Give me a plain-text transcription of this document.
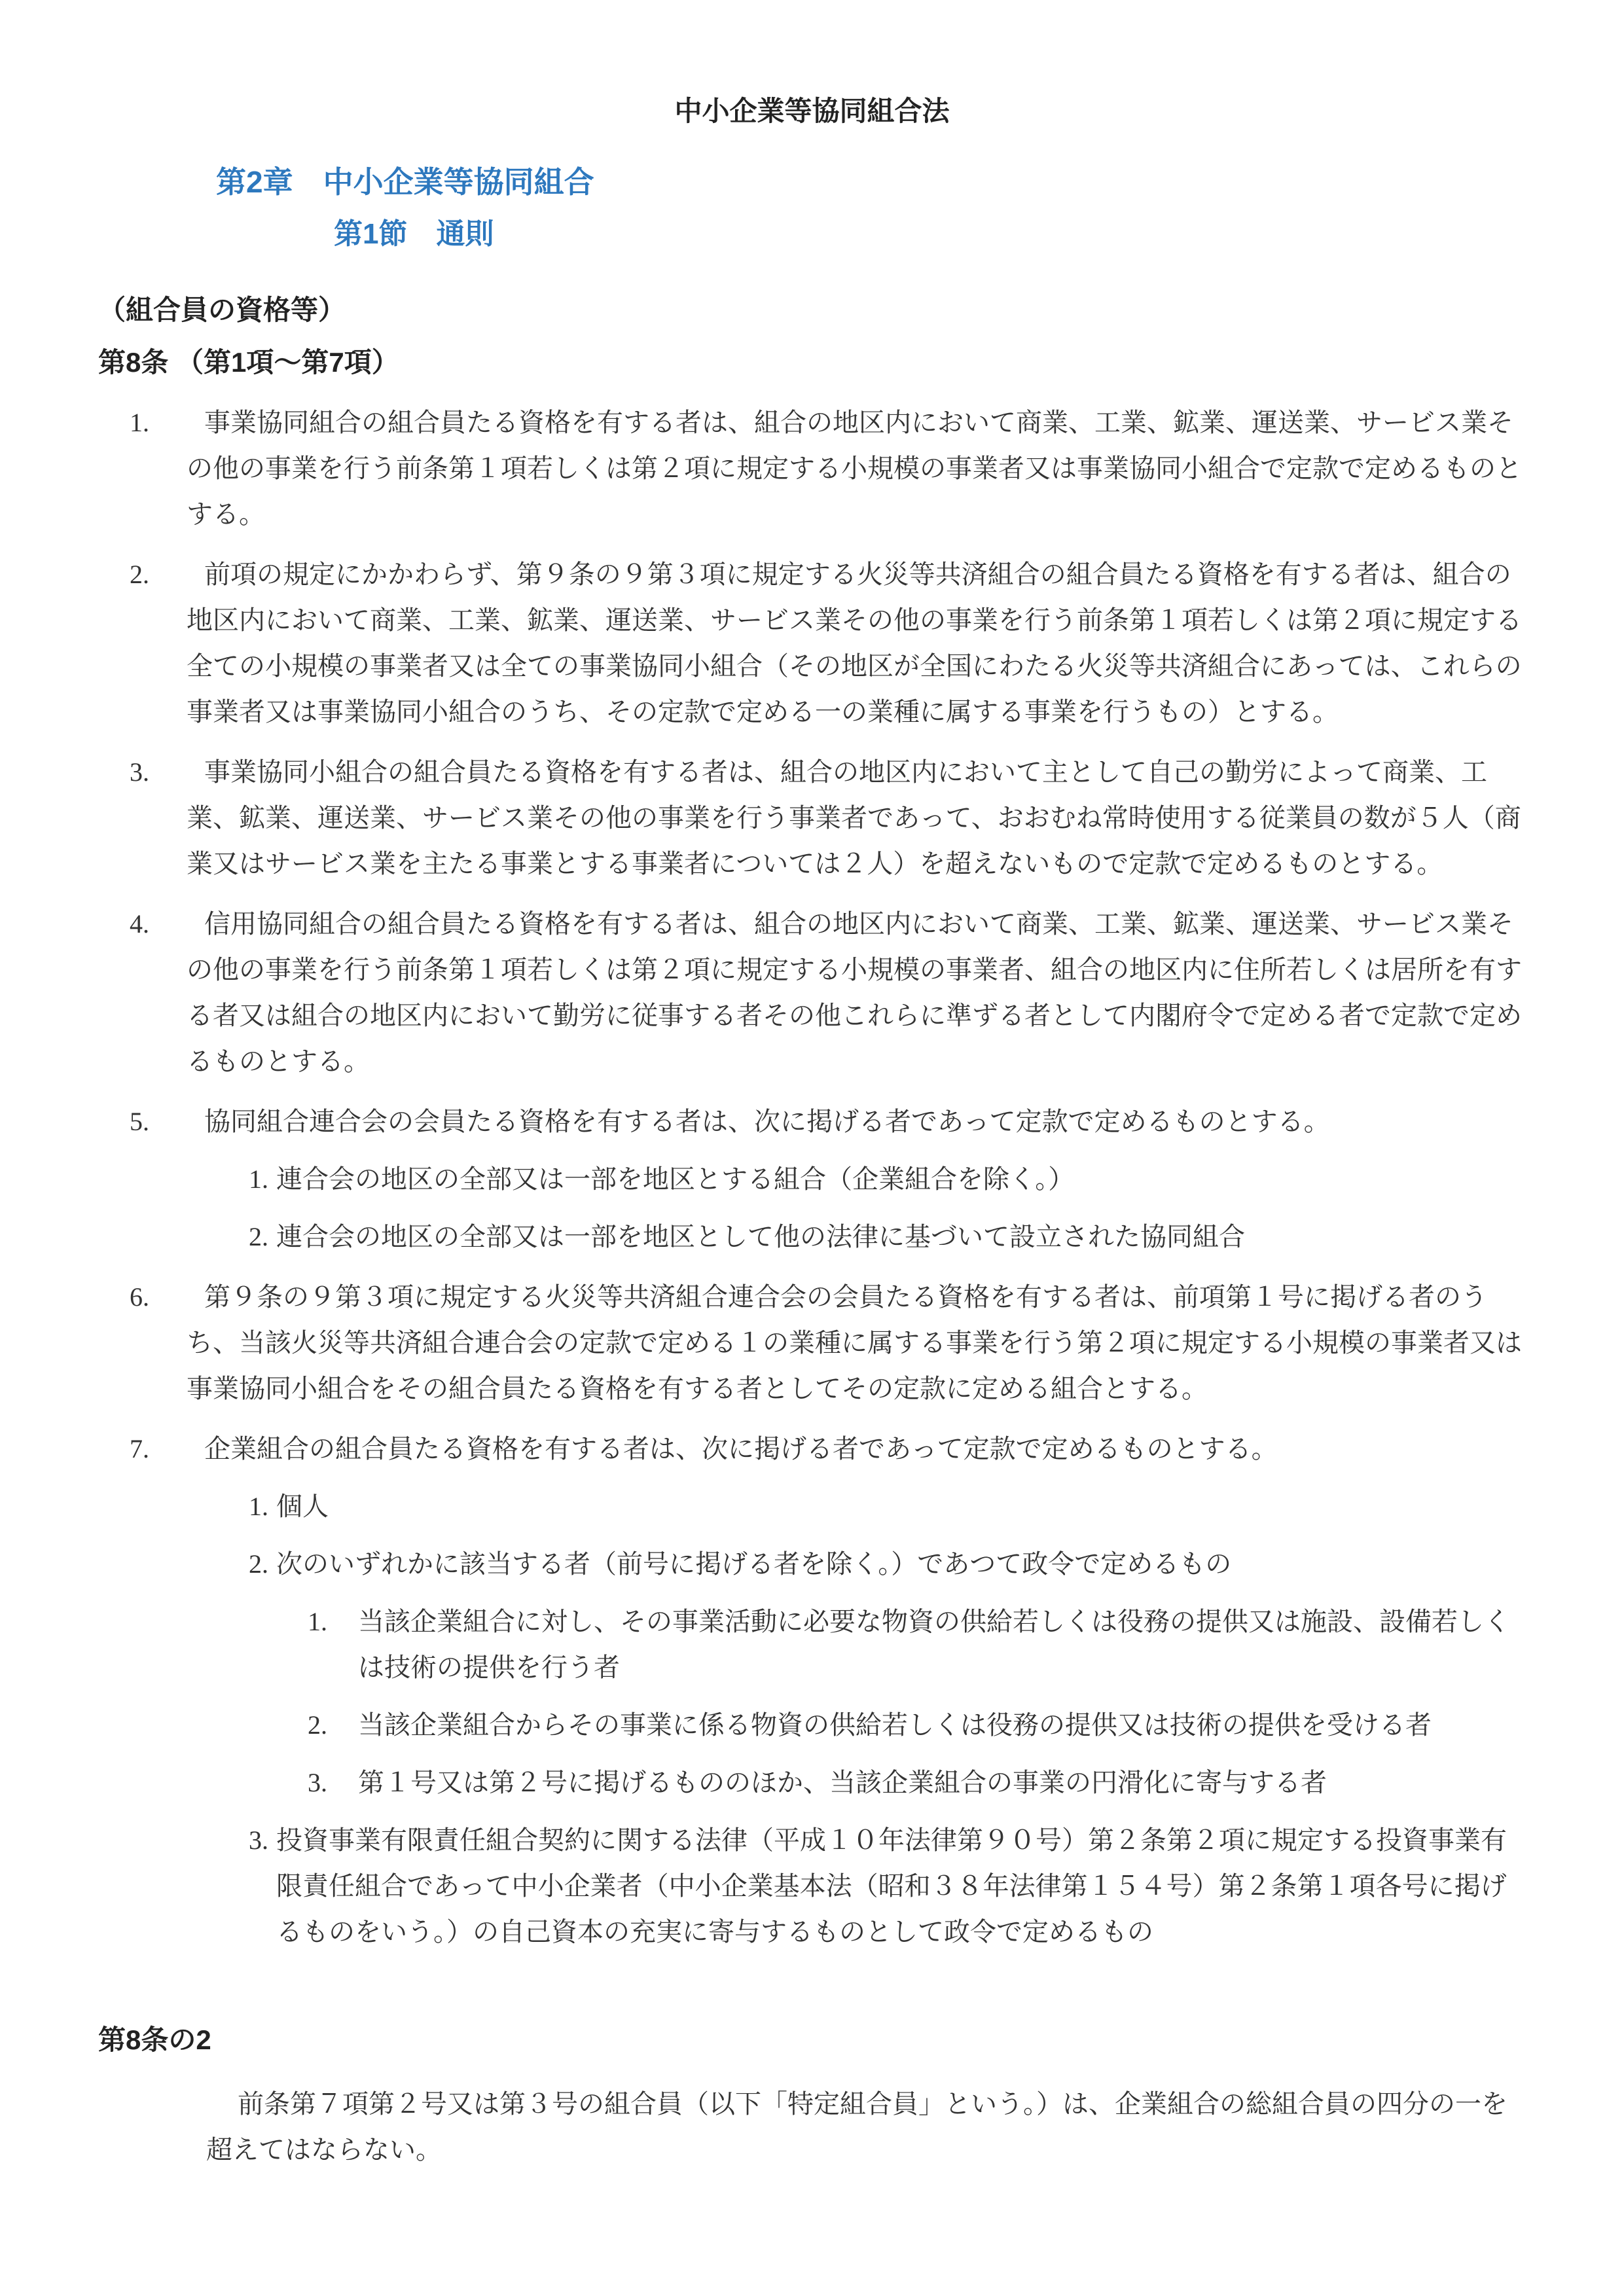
中小企業等協同組合法
第2章　中小企業等協同組合
第1節　通則
（組合員の資格等）
第8条 （第1項〜第7項）
1.	事業協同組合の組合員たる資格を有する者は、組合の地区内において商業、工業、鉱業、運送業、サービス業その他の事業を行う前条第１項若しくは第２項に規定する小規模の事業者又は事業協同小組合で定款で定めるものとする。
2.	前項の規定にかかわらず、第９条の９第３項に規定する火災等共済組合の組合員たる資格を有する者は、組合の地区内において商業、工業、鉱業、運送業、サービス業その他の事業を行う前条第１項若しくは第２項に規定する全ての小規模の事業者又は全ての事業協同小組合（その地区が全国にわたる火災等共済組合にあっては、これらの事業者又は事業協同小組合のうち、その定款で定める一の業種に属する事業を行うもの）とする。
3.	事業協同小組合の組合員たる資格を有する者は、組合の地区内において主として自己の勤労によって商業、工業、鉱業、運送業、サービス業その他の事業を行う事業者であって、おおむね常時使用する従業員の数が５人（商業又はサービス業を主たる事業とする事業者については２人）を超えないもので定款で定めるものとする。
4.	信用協同組合の組合員たる資格を有する者は、組合の地区内において商業、工業、鉱業、運送業、サービス業その他の事業を行う前条第１項若しくは第２項に規定する小規模の事業者、組合の地区内に住所若しくは居所を有する者又は組合の地区内において勤労に従事する者その他これらに準ずる者として内閣府令で定める者で定款で定めるものとする。
5.	協同組合連合会の会員たる資格を有する者は、次に掲げる者であって定款で定めるものとする。
1. 連合会の地区の全部又は一部を地区とする組合（企業組合を除く。）
2. 連合会の地区の全部又は一部を地区として他の法律に基づいて設立された協同組合
6.	第９条の９第３項に規定する火災等共済組合連合会の会員たる資格を有する者は、前項第１号に掲げる者のうち、当該火災等共済組合連合会の定款で定める１の業種に属する事業を行う第２項に規定する小規模の事業者又は事業協同小組合をその組合員たる資格を有する者としてその定款に定める組合とする。
7.	企業組合の組合員たる資格を有する者は、次に掲げる者であって定款で定めるものとする。
1. 個人
2. 次のいずれかに該当する者（前号に掲げる者を除く。）であつて政令で定めるもの
1.	当該企業組合に対し、その事業活動に必要な物資の供給若しくは役務の提供又は施設、設備若しくは技術の提供を行う者
2.	当該企業組合からその事業に係る物資の供給若しくは役務の提供又は技術の提供を受ける者
3.	第１号又は第２号に掲げるもののほか、当該企業組合の事業の円滑化に寄与する者
3. 投資事業有限責任組合契約に関する法律（平成１０年法律第９０号）第２条第２項に規定する投資事業有限責任組合であって中小企業者（中小企業基本法（昭和３８年法律第１５４号）第２条第１項各号に掲げるものをいう。）の自己資本の充実に寄与するものとして政令で定めるもの
第8条の2
前条第７項第２号又は第３号の組合員（以下「特定組合員」という。）は、企業組合の総組合員の四分の一を超えてはならない。
